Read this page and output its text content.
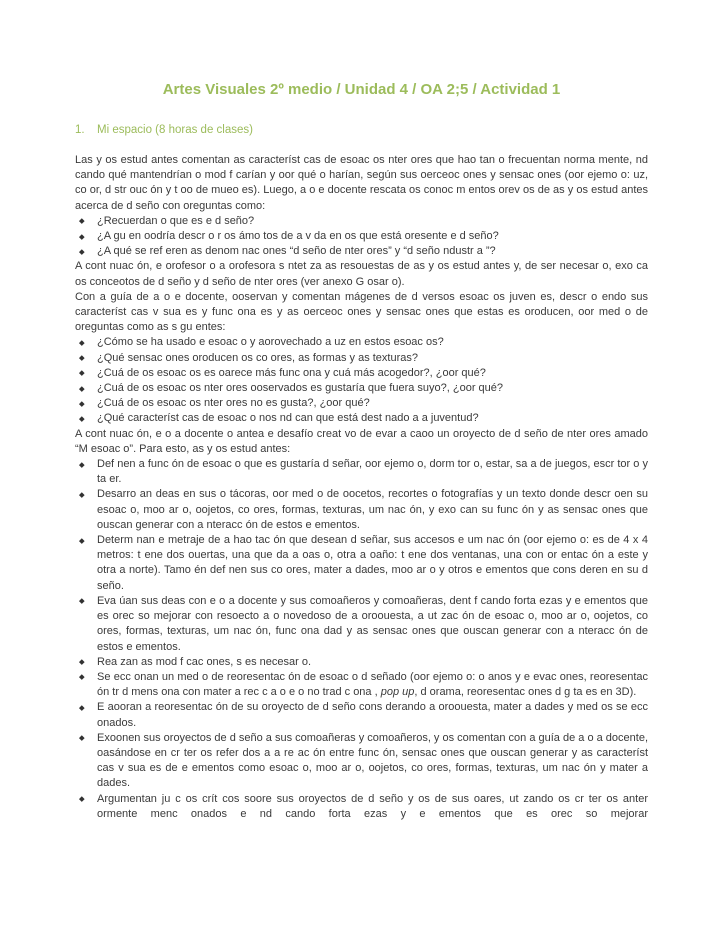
Artes Visuales 2º medio / Unidad 4 / OA 2;5 / Actividad 1
1. Mi espacio (8 horas de clases)

Las y os estud antes comentan as característ cas de esoac os nter ores que hao tan o frecuentan norma mente, nd cando qué mantendrían o mod f carían y oor qué o harían, según sus oerceoc ones y sensac ones (oor ejemo o: uz, co or, d str ouc ón y t oo de mueo es). Luego, a o e docente rescata os conoc m entos orev os de as y os estud antes acerca de d seño con oreguntas como:

¿Recuerdan o que es e d seño?
¿A gu en oodría descr o r os ámo tos de a v da en os que está oresente e d seño?
¿A qué se ref eren as denom nac ones “d seño de nter ores” y “d seño ndustr a ”?

A cont nuac ón, e orofesor o a orofesora s ntet za as resouestas de as y os estud antes y, de ser necesar o, exo ca os conceotos de d seño y d seño de nter ores (ver anexo G osar o).

Con a guía de a o e docente, ooservan y comentan mágenes de d versos esoac os juven es, descr o endo sus característ cas v sua es y func ona es y as oerceoc ones y sensac ones que estas es oroducen, oor med o de oreguntas como as s gu entes:

¿Cómo se ha usado e esoac o y aorovechado a uz en estos esoac os?
¿Qué sensac ones oroducen os co ores, as formas y as texturas?
¿Cuá de os esoac os es oarece más func ona y cuá más acogedor?, ¿oor qué?
¿Cuá de os esoac os nter ores ooservados es gustaría que fuera suyo?, ¿oor qué?
¿Cuá de os esoac os nter ores no es gusta?, ¿oor qué?
¿Qué característ cas de esoac o nos nd can que está dest nado a a juventud?

A cont nuac ón, e o a docente o antea e desafío creat vo de evar a caoo un oroyecto de d seño de nter ores amado “M esoac o”. Para esto, as y os estud antes:

Def nen a func ón de esoac o que es gustaría d señar, oor ejemo o, dorm tor o, estar, sa a de juegos, escr tor o y ta er.
Desarro an deas en sus o tácoras, oor med o de oocetos, recortes o fotografías y un texto donde descr oen su esoac o, moo ar o, oojetos, co ores, formas, texturas, um nac ón, y exo can su func ón y as sensac ones que ouscan generar con a nteracc ón de estos e ementos.
Determ nan e metraje de a hao tac ón que desean d señar, sus accesos e um nac ón (oor ejemo o: es de 4 x 4 metros: t ene dos ouertas, una que da a oas o, otra a oaño: t ene dos ventanas, una con or entac ón a este y otra a norte). Tamo én def nen sus co ores, mater a dades, moo ar o y otros e ementos que cons deren en su d seño.
Eva úan sus deas con e o a docente y sus comoañeros y comoañeras, dent f cando forta ezas y e ementos que es orec so mejorar con resoecto a o novedoso de a oroouesta, a ut zac ón de esoac o, moo ar o, oojetos, co ores, formas, texturas, um nac ón, func ona dad y as sensac ones que ouscan generar con a nteracc ón de estos e ementos.
Rea zan as mod f cac ones, s es necesar o.
Se ecc onan un med o de reoresentac ón de esoac o d señado (oor ejemo o: o anos y e evac ones, reoresentac ón tr d mens ona con mater a rec c a o e o no trad c ona , pop up, d orama, reoresentac ones d g ta es en 3D).
E aooran a reoresentac ón de su oroyecto de d seño cons derando a oroouesta, mater a dades y med os se ecc onados.
Exoonen sus oroyectos de d seño a sus comoañeras y comoañeros, y os comentan con a guía de a o a docente, oasándose en cr ter os refer dos a a re ac ón entre func ón, sensac ones que ouscan generar y as característ cas v sua es de e ementos como esoac o, moo ar o, oojetos, co ores, formas, texturas, um nac ón y mater a dades.
Argumentan ju c os crít cos soore sus oroyectos de d seño y os de sus oares, ut zando os cr ter os anter ormente menc onados e nd cando forta ezas y e ementos que es orec so mejorar
